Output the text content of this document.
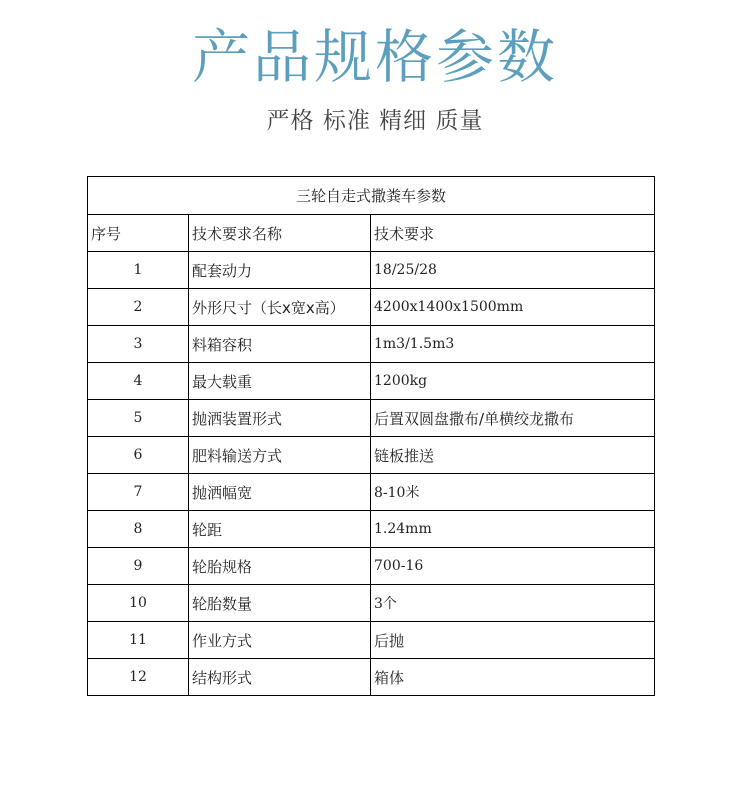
产品规格参数
严格 标准 精细 质量
三轮自走式撒粪车参数		
序号	技术要求名称	技术要求
1	配套动力	18/25/28
2	外形尺寸（长x宽x高）	4200x1400x1500mm
3	料箱容积	1m3/1.5m3
4	最大载重	1200kg
5	抛洒装置形式	后置双圆盘撒布/单横绞龙撒布
6	肥料输送方式	链板推送
7	抛洒幅宽	8-10米
8	轮距	1.24mm
9	轮胎规格	700-16
10	轮胎数量	3个
11	作业方式	后抛
12	结构形式	箱体
